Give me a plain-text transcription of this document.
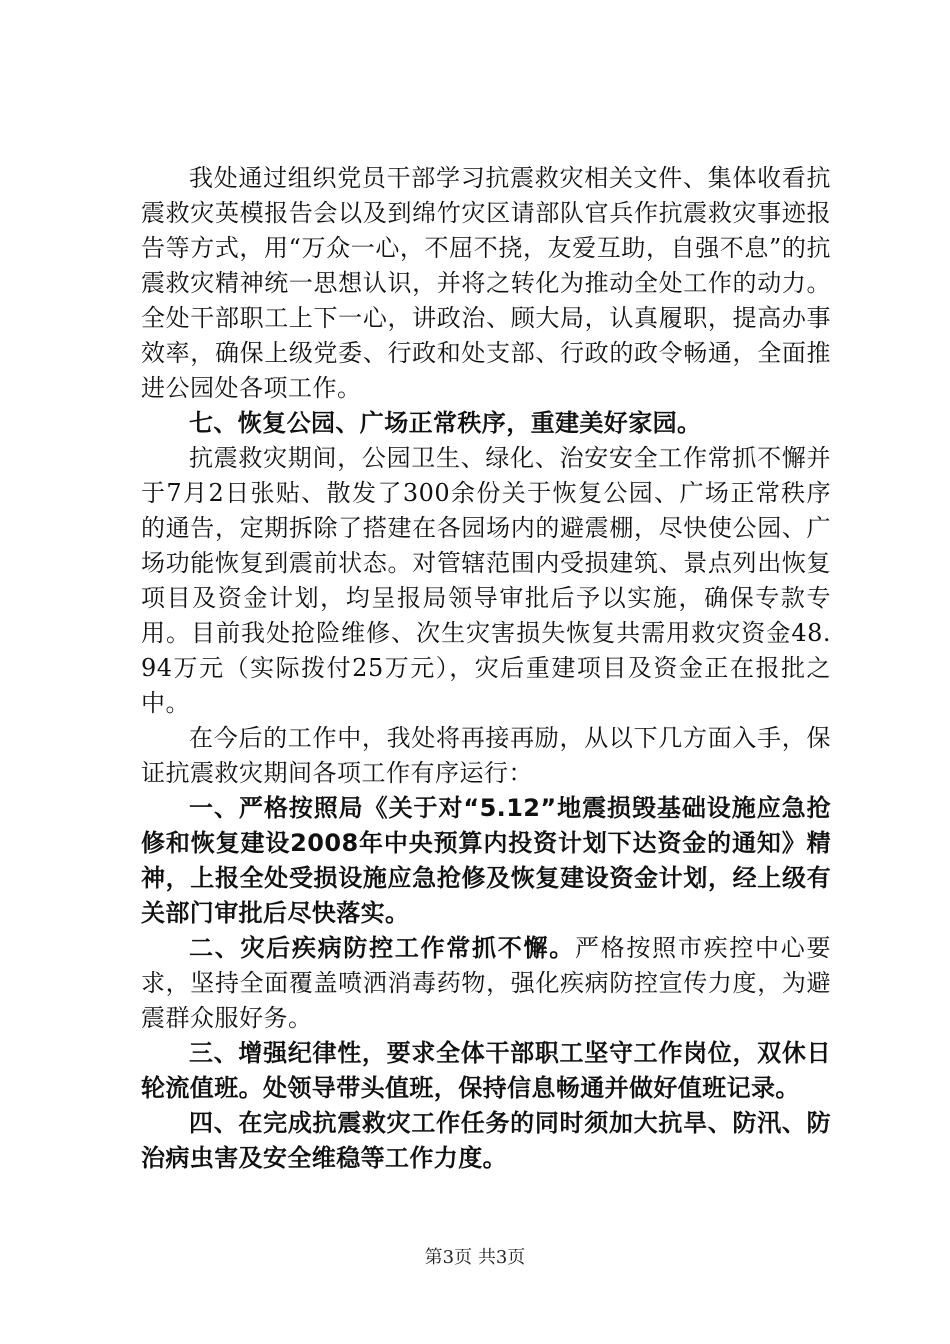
我处通过组织党员干部学习抗震救灾相关文件、集体收看抗震救灾英模报告会以及到绵竹灾区请部队官兵作抗震救灾事迹报告等方式，用“万众一心，不屈不挠，友爱互助，自强不息”的抗震救灾精神统一思想认识，并将之转化为推动全处工作的动力。全处干部职工上下一心，讲政治、顾大局，认真履职，提高办事效率，确保上级党委、行政和处支部、行政的政令畅通，全面推进公园处各项工作。

七、恢复公园、广场正常秩序，重建美好家园。

抗震救灾期间，公园卫生、绿化、治安安全工作常抓不懈并于7月2日张贴、散发了300余份关于恢复公园、广场正常秩序的通告，定期拆除了搭建在各园场内的避震棚，尽快使公园、广场功能恢复到震前状态。对管辖范围内受损建筑、景点列出恢复项目及资金计划，均呈报局领导审批后予以实施，确保专款专用。目前我处抢险维修、次生灾害损失恢复共需用救灾资金48.94万元（实际拨付25万元），灾后重建项目及资金正在报批之中。

在今后的工作中，我处将再接再励，从以下几方面入手，保证抗震救灾期间各项工作有序运行：

一、严格按照局《关于对“5.12”地震损毁基础设施应急抢修和恢复建设2008年中央预算内投资计划下达资金的通知》精神，上报全处受损设施应急抢修及恢复建设资金计划，经上级有关部门审批后尽快落实。

二、灾后疾病防控工作常抓不懈。严格按照市疾控中心要求，坚持全面覆盖喷洒消毒药物，强化疾病防控宣传力度，为避震群众服好务。

三、增强纪律性，要求全体干部职工坚守工作岗位，双休日轮流值班。处领导带头值班，保持信息畅通并做好值班记录。

四、在完成抗震救灾工作任务的同时须加大抗旱、防汛、防治病虫害及安全维稳等工作力度。

第3页 共3页
